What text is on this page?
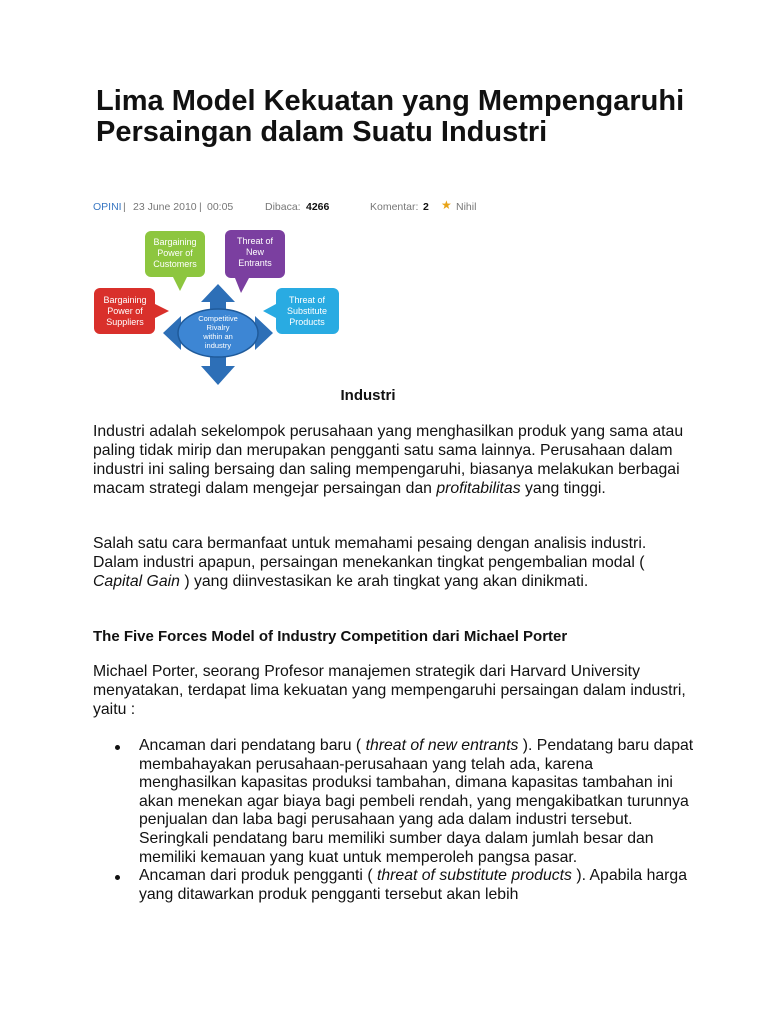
Lima Model Kekuatan yang Mempengaruhi Persaingan dalam Suatu Industri
OPINI | 23 June 2010 | 00:05	Dibaca: 4266	Komentar: 2 ★ Nihil
Competitive
Rivalry
within an
industry
Bargaining
Power of
Customers
Threat of
New
Entrants
Bargaining
Power of
Suppliers
Threat of
Substitute
Products
Industri

Industri adalah sekelompok perusahaan yang menghasilkan produk yang sama atau paling tidak mirip dan merupakan pengganti satu sama lainnya. Perusahaan dalam industri ini saling bersaing dan saling mempengaruhi, biasanya melakukan berbagai macam strategi dalam mengejar persaingan dan profitabilitas yang tinggi.

Salah satu cara bermanfaat untuk memahami pesaing dengan analisis industri. Dalam industri apapun, persaingan menekankan tingkat pengembalian modal ( Capital Gain ) yang diinvestasikan ke arah tingkat yang akan dinikmati.

The Five Forces Model of Industry Competition dari Michael Porter

Michael Porter, seorang Profesor manajemen strategik dari Harvard University menyatakan, terdapat lima kekuatan yang mempengaruhi persaingan dalam industri, yaitu :

Ancaman dari pendatang baru ( threat of new entrants ). Pendatang baru dapat membahayakan perusahaan-perusahaan yang telah ada, karena menghasilkan kapasitas produksi tambahan, dimana kapasitas tambahan ini akan menekan agar biaya bagi pembeli rendah, yang mengakibatkan turunnya penjualan dan laba bagi perusahaan yang ada dalam industri tersebut. Seringkali pendatang baru memiliki sumber daya dalam jumlah besar dan memiliki kemauan yang kuat untuk memperoleh pangsa pasar.
Ancaman dari produk pengganti ( threat of substitute products ). Apabila harga yang ditawarkan produk pengganti tersebut akan lebih
